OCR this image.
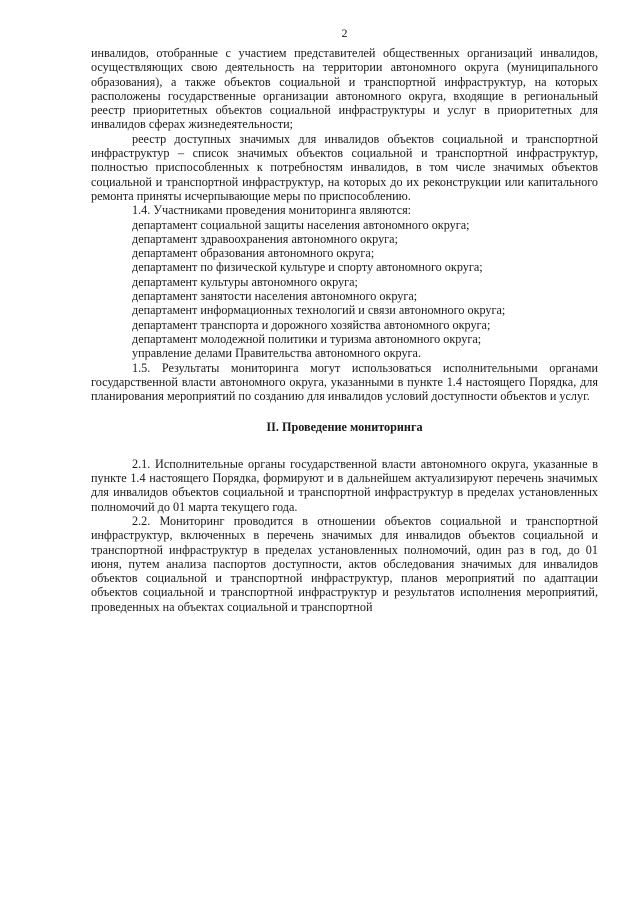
2

инвалидов, отобранные с участием представителей общественных организаций инвалидов, осуществляющих свою деятельность на территории автономного округа (муниципального образования), а также объектов социальной и транспортной инфраструктур, на которых расположены государственные организации автономного округа, входящие в региональный реестр приоритетных объектов социальной инфраструктуры и услуг в приоритетных для инвалидов сферах жизнедеятельности;

реестр доступных значимых для инвалидов объектов социальной и транспортной инфраструктур – список значимых объектов социальной и транспортной инфраструктур, полностью приспособленных к потребностям инвалидов, в том числе значимых объектов социальной и транспортной инфраструктур, на которых до их реконструкции или капитального ремонта приняты исчерпывающие меры по приспособлению.

1.4. Участниками проведения мониторинга являются:

департамент социальной защиты населения автономного округа;

департамент здравоохранения автономного округа;

департамент образования автономного округа;

департамент по физической культуре и спорту автономного округа;

департамент культуры автономного округа;

департамент занятости населения автономного округа;

департамент информационных технологий и связи автономного округа;

департамент транспорта и дорожного хозяйства автономного округа;

департамент молодежной политики и туризма автономного округа;

управление делами Правительства автономного округа.

1.5. Результаты мониторинга могут использоваться исполнительными органами государственной власти автономного округа, указанными в пункте 1.4 настоящего Порядка, для планирования мероприятий по созданию для инвалидов условий доступности объектов и услуг.

II. Проведение мониторинга

2.1. Исполнительные органы государственной власти автономного округа, указанные в пункте 1.4 настоящего Порядка, формируют и в дальнейшем актуализируют перечень значимых для инвалидов объектов социальной и транспортной инфраструктур в пределах установленных полномочий до 01 марта текущего года.

2.2. Мониторинг проводится в отношении объектов социальной и транспортной инфраструктур, включенных в перечень значимых для инвалидов объектов социальной и транспортной инфраструктур в пределах установленных полномочий, один раз в год, до 01 июня, путем анализа паспортов доступности, актов обследования значимых для инвалидов объектов социальной и транспортной инфраструктур, планов мероприятий по адаптации объектов социальной и транспортной инфраструктур и результатов исполнения мероприятий, проведенных на объектах социальной и транспортной
